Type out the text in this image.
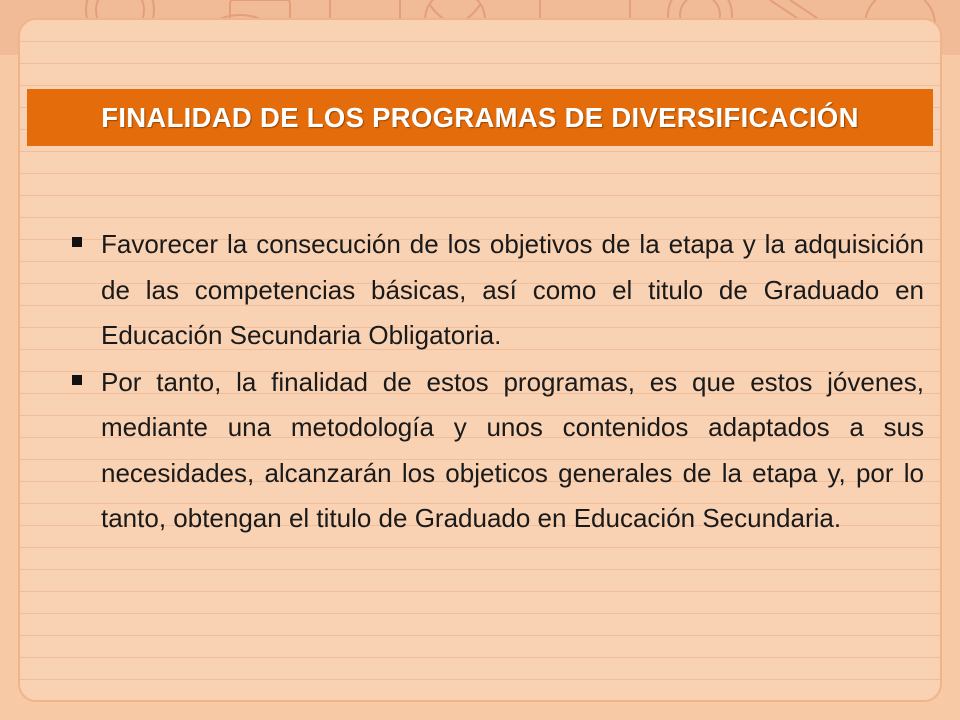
FINALIDAD DE LOS PROGRAMAS DE DIVERSIFICACIÓN
Favorecer la consecución de los objetivos de la etapa y la adquisición de las competencias básicas, así como el titulo de Graduado en Educación Secundaria Obligatoria.
Por tanto, la finalidad de estos programas, es que estos jóvenes, mediante una metodología y unos contenidos adaptados a sus necesidades, alcanzarán los objeticos generales de la etapa y, por lo tanto, obtengan el titulo de Graduado en Educación Secundaria.
